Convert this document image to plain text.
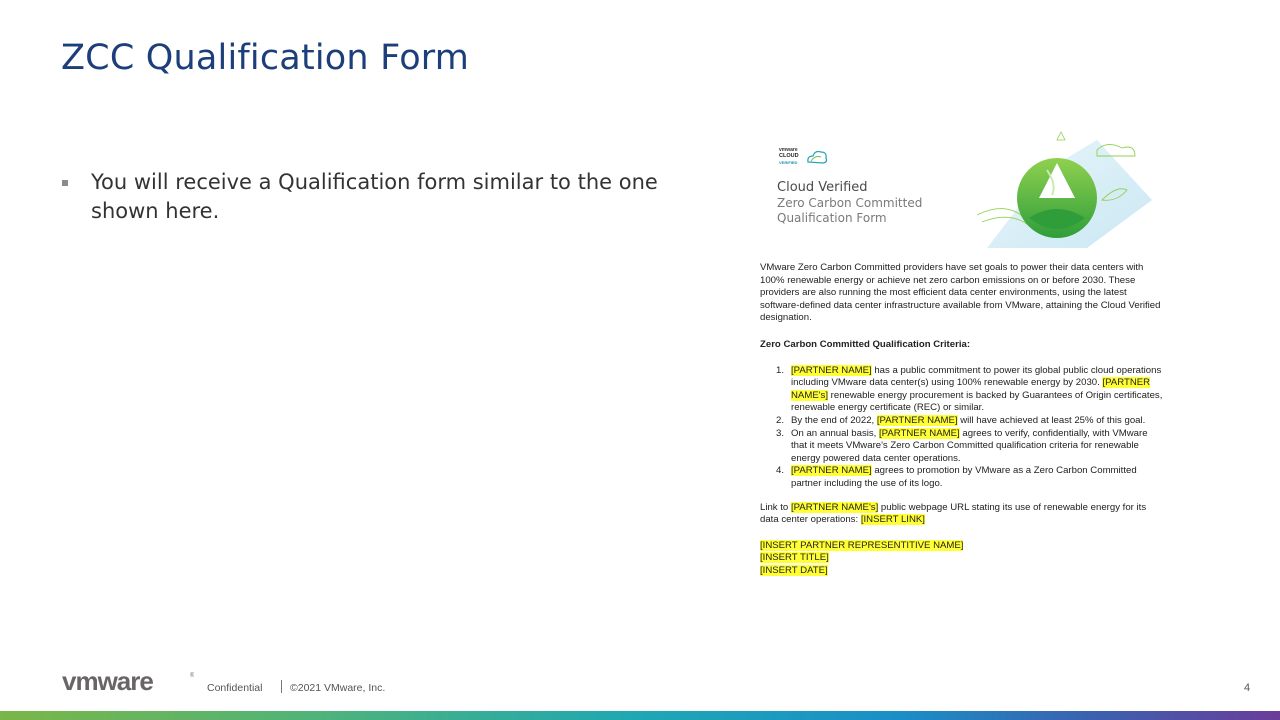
ZCC Qualification Form
You will receive a Qualification form similar to the one shown here.
vmware
CLOUD
VERIFIED
Cloud Verified
Zero Carbon Committed
Qualification Form

VMware Zero Carbon Committed providers have set goals to power their data centers with 100% renewable energy or achieve net zero carbon emissions on or before 2030. These providers are also running the most efficient data center environments, using the latest software-defined data center infrastructure available from VMware, attaining the Cloud Verified designation.

Zero Carbon Committed Qualification Criteria:

1. [PARTNER NAME] has a public commitment to power its global public cloud operations including VMware data center(s) using 100% renewable energy by 2030. [PARTNER NAME's] renewable energy procurement is backed by Guarantees of Origin certificates, renewable energy certificate (REC) or similar.
2. By the end of 2022, [PARTNER NAME] will have achieved at least 25% of this goal.
3. On an annual basis, [PARTNER NAME] agrees to verify, confidentially, with VMware that it meets VMware's Zero Carbon Committed qualification criteria for renewable energy powered data center operations.
4. [PARTNER NAME] agrees to promotion by VMware as a Zero Carbon Committed partner including the use of its logo.

Link to [PARTNER NAME's] public webpage URL stating its use of renewable energy for its data center operations: [INSERT LINK]

[INSERT PARTNER REPRESENTITIVE NAME]
[INSERT TITLE]
[INSERT DATE]
vmware	®
Confidential	©2021 VMware, Inc.	4
